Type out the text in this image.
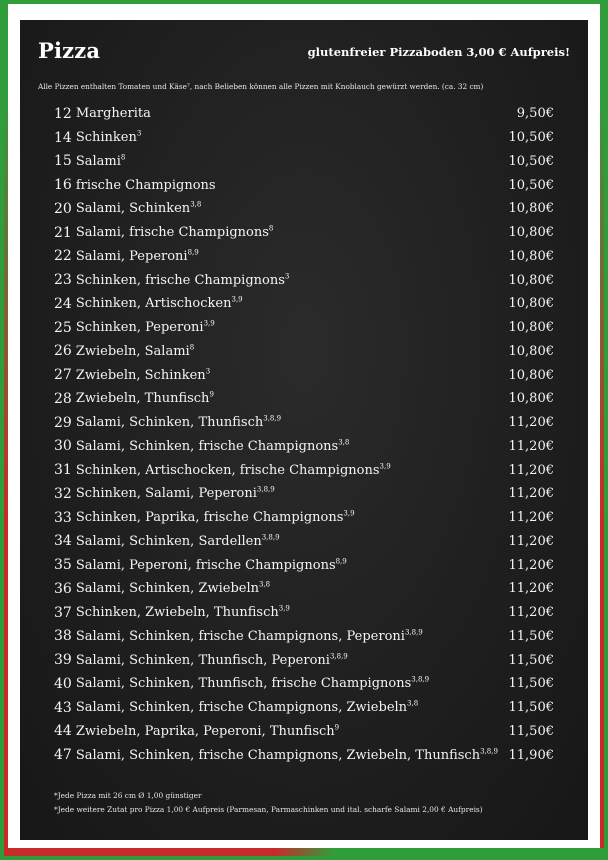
Pizza	glutenfreier Pizzaboden 3,00 € Aufpreis!
Alle Pizzen enthalten Tomaten und Käse⁷, nach Belieben können alle Pizzen mit Knoblauch gewürzt werden. (ca. 32 cm)
12 Margherita	9,50€
14 Schinken$^3$	10,50€
15 Salami$^8$	10,50€
16 frische Champignons	10,50€
20 Salami, Schinken$^{3,8}$	10,80€
21 Salami, frische Champignons$^8$	10,80€
22 Salami, Peperoni$^{8,9}$	10,80€
23 Schinken, frische Champignons$^3$	10,80€
24 Schinken, Artischocken$^{3,9}$	10,80€
25 Schinken, Peperoni$^{3,9}$	10,80€
26 Zwiebeln, Salami$^8$	10,80€
27 Zwiebeln, Schinken$^3$	10,80€
28 Zwiebeln, Thunfisch$^9$	10,80€
29 Salami, Schinken, Thunfisch$^{3,8,9}$	11,20€
30 Salami, Schinken, frische Champignons$^{3,8}$	11,20€
31 Schinken, Artischocken, frische Champignons$^{3,9}$	11,20€
32 Schinken, Salami, Peperoni$^{3,8,9}$	11,20€
33 Schinken, Paprika, frische Champignons$^{3,9}$	11,20€
34 Salami, Schinken, Sardellen$^{3,8,9}$	11,20€
35 Salami, Peperoni, frische Champignons$^{8,9}$	11,20€
36 Salami, Schinken, Zwiebeln$^{3,8}$	11,20€
37 Schinken, Zwiebeln, Thunfisch$^{3,9}$	11,20€
38 Salami, Schinken, frische Champignons, Peperoni$^{3,8,9}$	11,50€
39 Salami, Schinken, Thunfisch, Peperoni$^{3,8,9}$	11,50€
40 Salami, Schinken, Thunfisch, frische Champignons$^{3,8,9}$	11,50€
43 Salami, Schinken, frische Champignons, Zwiebeln$^{3,8}$	11,50€
44 Zwiebeln, Paprika, Peperoni, Thunfisch$^9$	11,50€
47 Salami, Schinken, frische Champignons, Zwiebeln, Thunfisch$^{3,8,9}$ 11,90€
*Jede Pizza mit 26 cm Ø 1,00 günstiger
*Jede weitere Zutat pro Pizza 1,00 € Aufpreis (Parmesan, Parmaschinken und ital. scharfe Salami 2,00 € Aufpreis)
